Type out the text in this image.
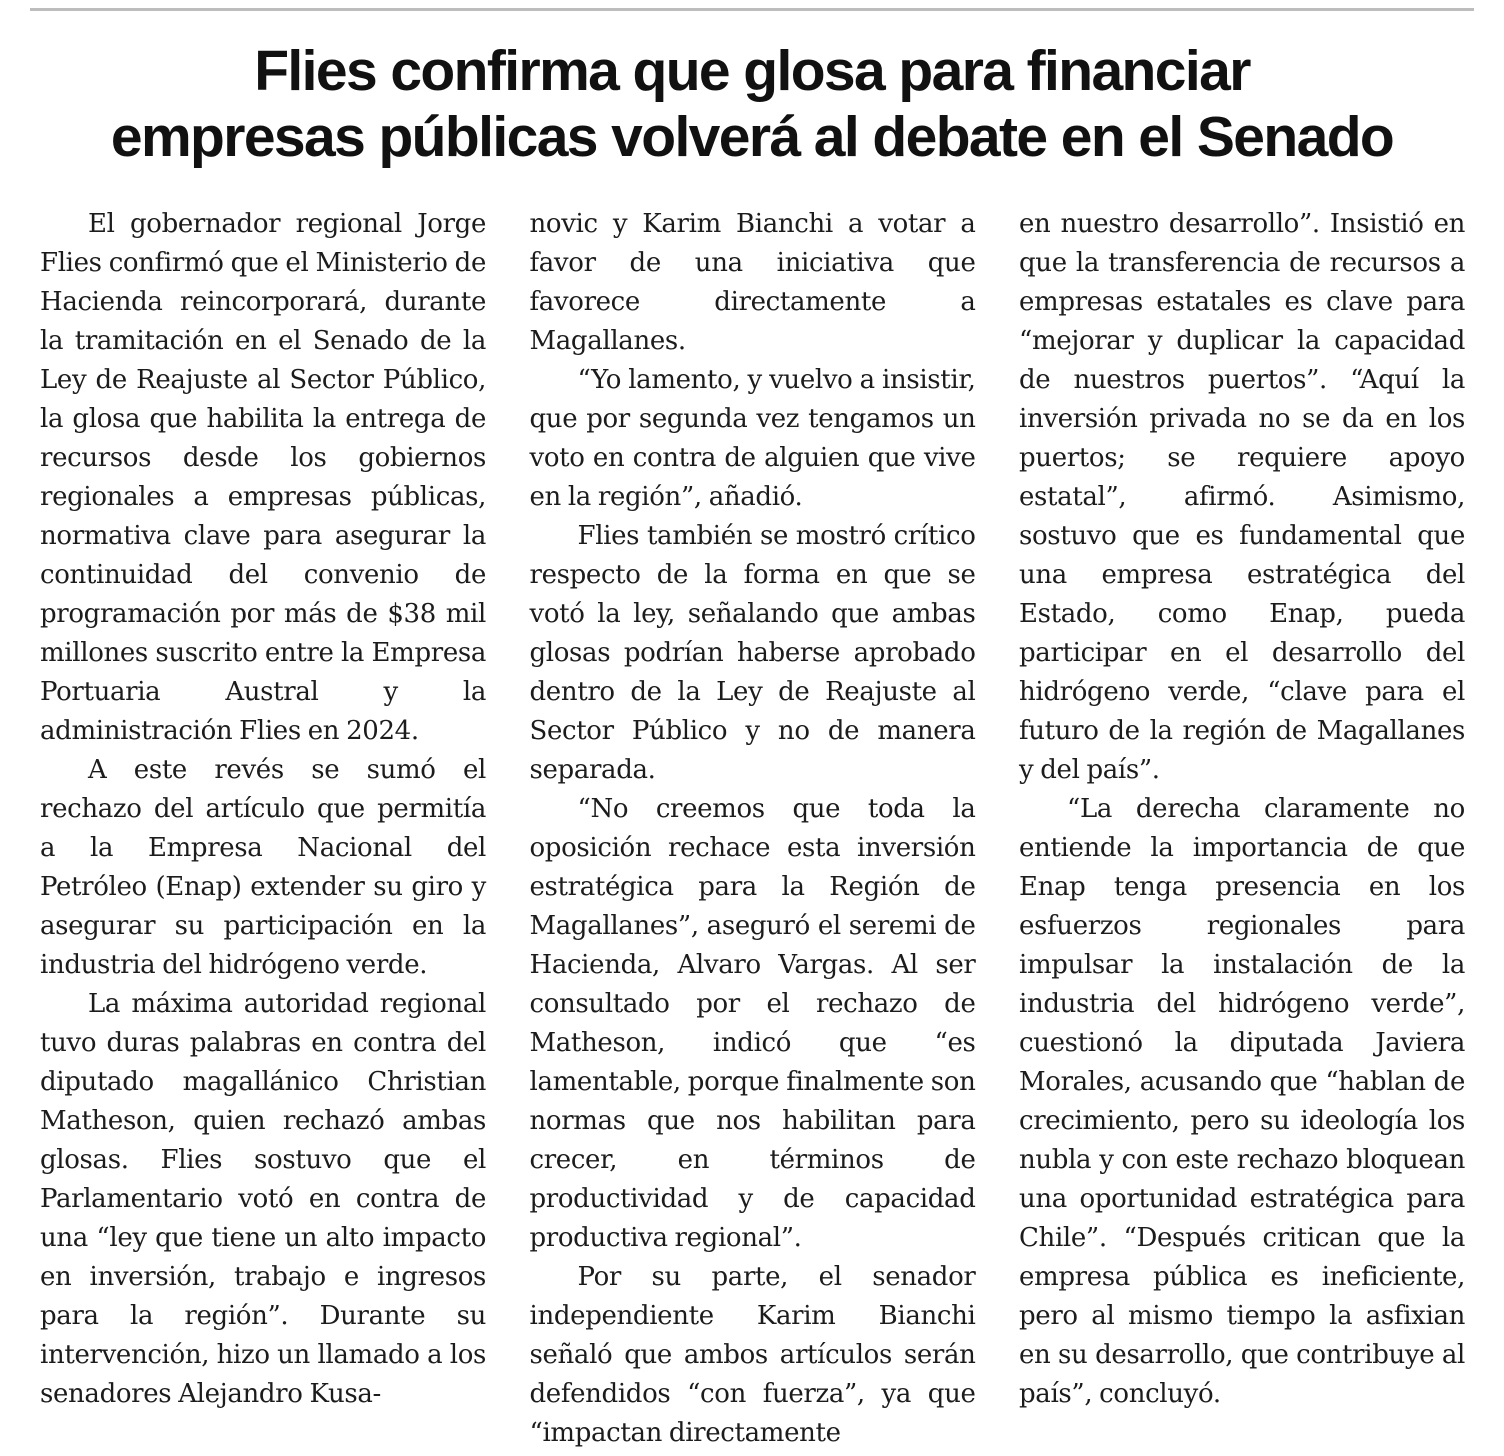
Flies confirma que glosa para financiar
empresas públicas volverá al debate en el Senado

El gobernador regional Jorge Flies confirmó que el Ministerio de Hacienda reincorporará, durante la tramitación en el Senado de la Ley de Reajuste al Sector Público, la glosa que habilita la entrega de recursos desde los gobiernos regionales a empresas públicas, normativa clave para asegurar la continuidad del convenio de programación por más de $38 mil millones suscrito entre la Empresa Portuaria Austral y la administración Flies en 2024.

A este revés se sumó el rechazo del artículo que permitía a la Empresa Nacional del Petróleo (Enap) extender su giro y asegurar su participación en la industria del hidrógeno verde.

La máxima autoridad regional tuvo duras palabras en contra del diputado magallánico Christian Matheson, quien rechazó ambas glosas. Flies sostuvo que el Parlamentario votó en contra de una “ley que tiene un alto impacto en inversión, trabajo e ingresos para la región”. Durante su intervención, hizo un llamado a los senadores Alejandro Kusa-

novic y Karim Bianchi a votar a favor de una iniciativa que favorece directamente a Magallanes.

“Yo lamento, y vuelvo a insistir, que por segunda vez tengamos un voto en contra de alguien que vive en la región”, añadió.

Flies también se mostró crítico respecto de la forma en que se votó la ley, señalando que ambas glosas podrían haberse aprobado dentro de la Ley de Reajuste al Sector Público y no de manera separada.

“No creemos que toda la oposición rechace esta inversión estratégica para la Región de Magallanes”, aseguró el seremi de Hacienda, Alvaro Vargas. Al ser consultado por el rechazo de Matheson, indicó que “es lamentable, porque finalmente son normas que nos habilitan para crecer, en términos de productividad y de capacidad productiva regional”.

Por su parte, el senador independiente Karim Bianchi señaló que ambos artículos serán defendidos “con fuerza”, ya que “impactan directamente

en nuestro desarrollo”. Insistió en que la transferencia de recursos a empresas estatales es clave para “mejorar y duplicar la capacidad de nuestros puertos”. “Aquí la inversión privada no se da en los puertos; se requiere apoyo estatal”, afirmó. Asimismo, sostuvo que es fundamental que una empresa estratégica del Estado, como Enap, pueda participar en el desarrollo del hidrógeno verde, “clave para el futuro de la región de Magallanes y del país”.

“La derecha claramente no entiende la importancia de que Enap tenga presencia en los esfuerzos regionales para impulsar la instalación de la industria del hidrógeno verde”, cuestionó la diputada Javiera Morales, acusando que “hablan de crecimiento, pero su ideología los nubla y con este rechazo bloquean una oportunidad estratégica para Chile”. “Después critican que la empresa pública es ineficiente, pero al mismo tiempo la asfixian en su desarrollo, que contribuye al país”, concluyó.
